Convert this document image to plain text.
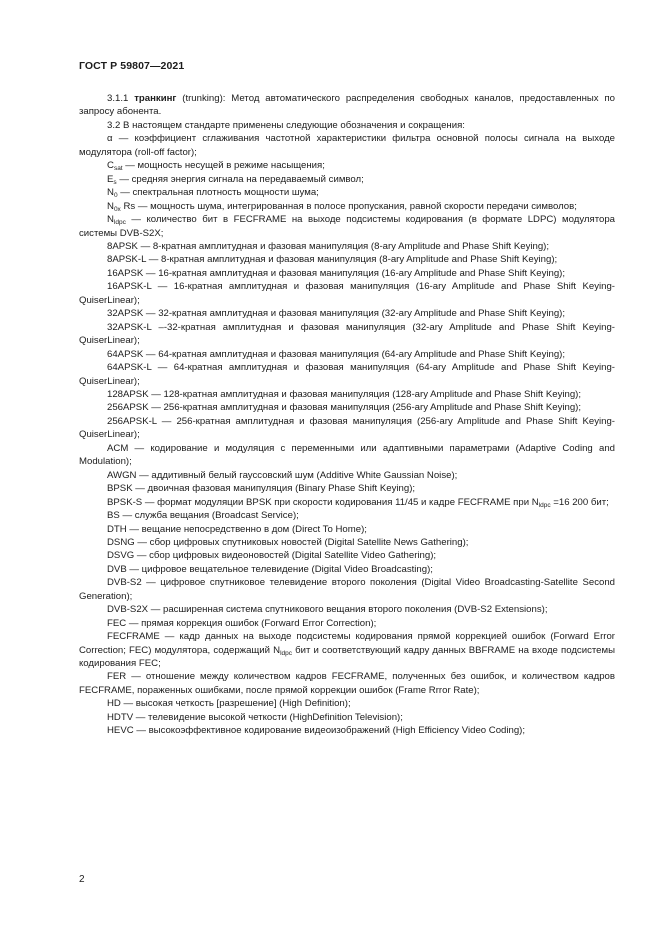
ГОСТ Р 59807—2021

3.1.1 транкинг (trunking): Метод автоматического распределения свободных каналов, предоставленных по запросу абонента.

3.2 В настоящем стандарте применены следующие обозначения и сокращения:

α — коэффициент сглаживания частотной характеристики фильтра основной полосы сигнала на выходе модулятора (roll-off factor);

$C_{sat}$ — мощность несущей в режиме насыщения;

$E_s$ — средняя энергия сигнала на передаваемый символ;

$N_0$ — спектральная плотность мощности шума;

$N_{0x}$ Rs — мощность шума, интегрированная в полосе пропускания, равной скорости передачи символов;

$N_{ldpc}$ — количество бит в FECFRAME на выходе подсистемы кодирования (в формате LDPC) модулятора системы DVB-S2X;

8APSK — 8-кратная амплитудная и фазовая манипуляция (8-ary Amplitude and Phase Shift Keying);

8APSK-L — 8-кратная амплитудная и фазовая манипуляция (8-ary Amplitude and Phase Shift Keying);

16APSK — 16-кратная амплитудная и фазовая манипуляция (16-ary Amplitude and Phase Shift Keying);

16APSK-L — 16-кратная амплитудная и фазовая манипуляция (16-ary Amplitude and Phase Shift Keying-QuiserLinear);

32APSK — 32-кратная амплитудная и фазовая манипуляция (32-ary Amplitude and Phase Shift Keying);

32APSK-L –-32-кратная амплитудная и фазовая манипуляция (32-ary Amplitude and Phase Shift Keying-QuiserLinear);

64APSK — 64-кратная амплитудная и фазовая манипуляция (64-ary Amplitude and Phase Shift Keying);

64APSK-L — 64-кратная амплитудная и фазовая манипуляция (64-ary Amplitude and Phase Shift Keying-QuiserLinear);

128APSK — 128-кратная амплитудная и фазовая манипуляция (128-ary Amplitude and Phase Shift Keying);

256APSK — 256-кратная амплитудная и фазовая манипуляция (256-ary Amplitude and Phase Shift Keying);

256APSK-L — 256-кратная амплитудная и фазовая манипуляция (256-ary Amplitude and Phase Shift Keying-QuiserLinear);

ACM — кодирование и модуляция с переменными или адаптивными параметрами (Adaptive Coding and Modulation);

AWGN — аддитивный белый гауссовский шум (Additive White Gaussian Noise);

BPSK — двоичная фазовая манипуляция (Binary Phase Shift Keying);

BPSK-S — формат модуляции BPSK при скорости кодирования 11/45 и кадре FECFRAME при $N_{ldpc} =16$ 200 бит;

BS — служба вещания (Broadcast Service);

DTH — вещание непосредственно в дом (Direct To Home);

DSNG — сбор цифровых спутниковых новостей (Digital Satellite News Gathering);

DSVG — сбор цифровых видеоновостей (Digital Satellite Video Gathering);

DVB — цифровое вещательное телевидение (Digital Video Broadcasting);

DVB-S2 — цифровое спутниковое телевидение второго поколения (Digital Video Broadcasting-Satellite Second Generation);

DVB-S2X — расширенная система спутникового вещания второго поколения (DVB-S2 Extensions);

FEC — прямая коррекция ошибок (Forward Error Correction);

FECFRAME — кадр данных на выходе подсистемы кодирования прямой коррекцией ошибок (Forward Error Correction; FEC) модулятора, содержащий $N_{ldpc}$ бит и соответствующий кадру данных BBFRAME на входе подсистемы кодирования FEC;

FER — отношение между количеством кадров FECFRAME, полученных без ошибок, и количеством кадров FECFRAME, пораженных ошибками, после прямой коррекции ошибок (Frame Rrror Rate);

HD — высокая четкость [разрешение] (High Definition);

HDTV — телевидение высокой четкости (HighDefinition Television);

HEVC — высокоэффективное кодирование видеоизображений (High Efficiency Video Coding);

2
